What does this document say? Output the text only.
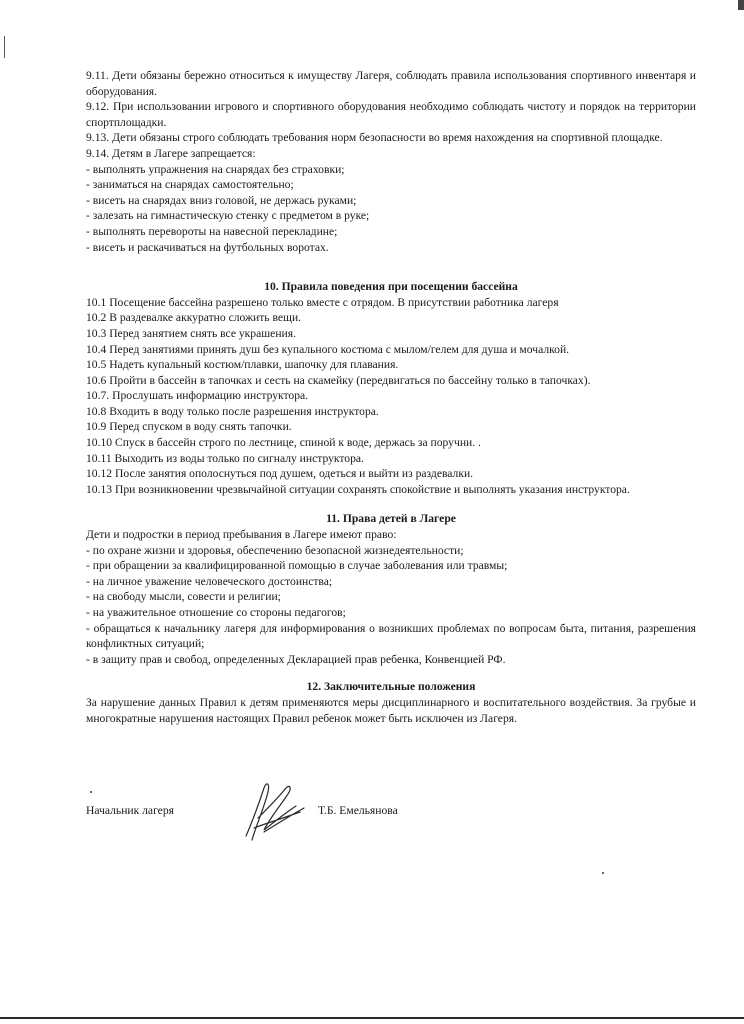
9.11. Дети обязаны бережно относиться к имуществу Лагеря, соблюдать правила использования спортивного инвентаря и оборудования.

9.12. При использовании игрового и спортивного оборудования необходимо соблюдать чистоту и порядок на территории спортплощадки.

9.13. Дети обязаны строго соблюдать требования норм безопасности во время нахождения на спортивной площадке.

9.14. Детям в Лагере запрещается:

- выполнять упражнения на снарядах без страховки;

- заниматься на снарядах самостоятельно;

- висеть на снарядах вниз головой, не держась руками;

- залезать на гимнастическую стенку с предметом в руке;

- выполнять перевороты на навесной перекладине;

- висеть и раскачиваться на футбольных воротах.

10. Правила поведения при посещении бассейна

10.1 Посещение бассейна разрешено только вместе с отрядом. В присутствии работника лагеря

10.2 В раздевалке аккуратно сложить вещи.

10.3 Перед занятием снять все украшения.

10.4 Перед занятиями принять душ без купального костюма с мылом/гелем для душа и мочалкой.

10.5 Надеть купальный костюм/плавки, шапочку для плавания.

10.6 Пройти в бассейн в тапочках и сесть на скамейку (передвигаться по бассейну только в тапочках).

10.7. Прослушать информацию инструктора.

10.8 Входить в воду только после разрешения инструктора.

10.9 Перед спуском в воду снять тапочки.

10.10 Спуск в бассейн строго по лестнице, спиной к воде, держась за поручни. .

10.11 Выходить из воды только по сигналу инструктора.

10.12 После занятия ополоснуться под душем, одеться и выйти из раздевалки.

10.13 При возникновении чрезвычайной ситуации сохранять спокойствие и выполнять указания инструктора.

11. Права детей в Лагере

Дети и подростки в период пребывания в Лагере имеют право:

- по охране жизни и здоровья, обеспечению безопасной жизнедеятельности;

- при обращении за квалифицированной помощью в случае заболевания или травмы;

- на личное уважение человеческого достоинства;

- на свободу мысли, совести и религии;

- на уважительное отношение со стороны педагогов;

- обращаться к начальнику лагеря для информирования о возникших проблемах по вопросам быта, питания, разрешения конфликтных ситуаций;

- в защиту прав и свобод, определенных Декларацией прав ребенка, Конвенцией РФ.

12. Заключительные положения

За нарушение данных Правил к детям применяются меры дисциплинарного и воспитательного воздействия. За грубые и многократные нарушения настоящих Правил ребенок может быть исключен из Лагеря.

Начальник лагеря	Т.Б. Емельянова
